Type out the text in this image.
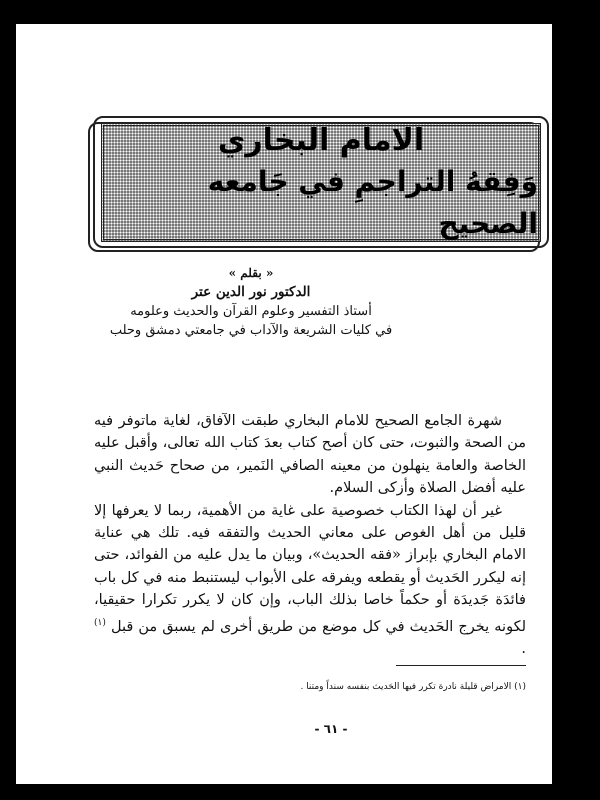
الامام البخاري
وَفِقهُ التراجمِ في جَامعه الصحيح
« بقلم »
الدكتور نور الدين عتر
أستاذ التفسير وعلوم القرآن والحديث وعلومه
في كليات الشريعة والآداب في جامعتي دمشق وحلب

شهرة الجامع الصحيح للامام البخاري طبقت الآفاق، لغاية ماتوفر فيه من الصحة والثبوت، حتى كان أصح كتاب بعدَ كتاب الله تعالى، وأقبل عليه الخاصة والعامة ينهلون من معينه الصافي النَمير، من صحاح حَديث النبي عليه أفضل الصلاة وأزكى السلام.

غير أن لهذا الكتاب خصوصية على غاية من الأهمية، ربما لا يعرفها إلا قليل من أهل الغوص على معاني الحديث والتفقه فيه. تلك هي عناية الامام البخاري بإبراز «فقه الحديث»، وبيان ما يدل عليه من الفوائد، حتى إنه ليكرر الحَديث أو يقطعه ويفرقه على الأبواب ليستنبط منه في كل باب فائدَة جَديدَة أو حكماً خاصا بذلك الباب، وإن كان لا يكرر تكرارا حقيقيا، لكونه يخرج الحَديث في كل موضع من طريق أخرى لم يسبق من قبل $^{(١)}$ .

(١) الامراض قليلة نادرة تكرر فيها الحَديث بنفسه سنداً ومتنا .
- ٦١ -
